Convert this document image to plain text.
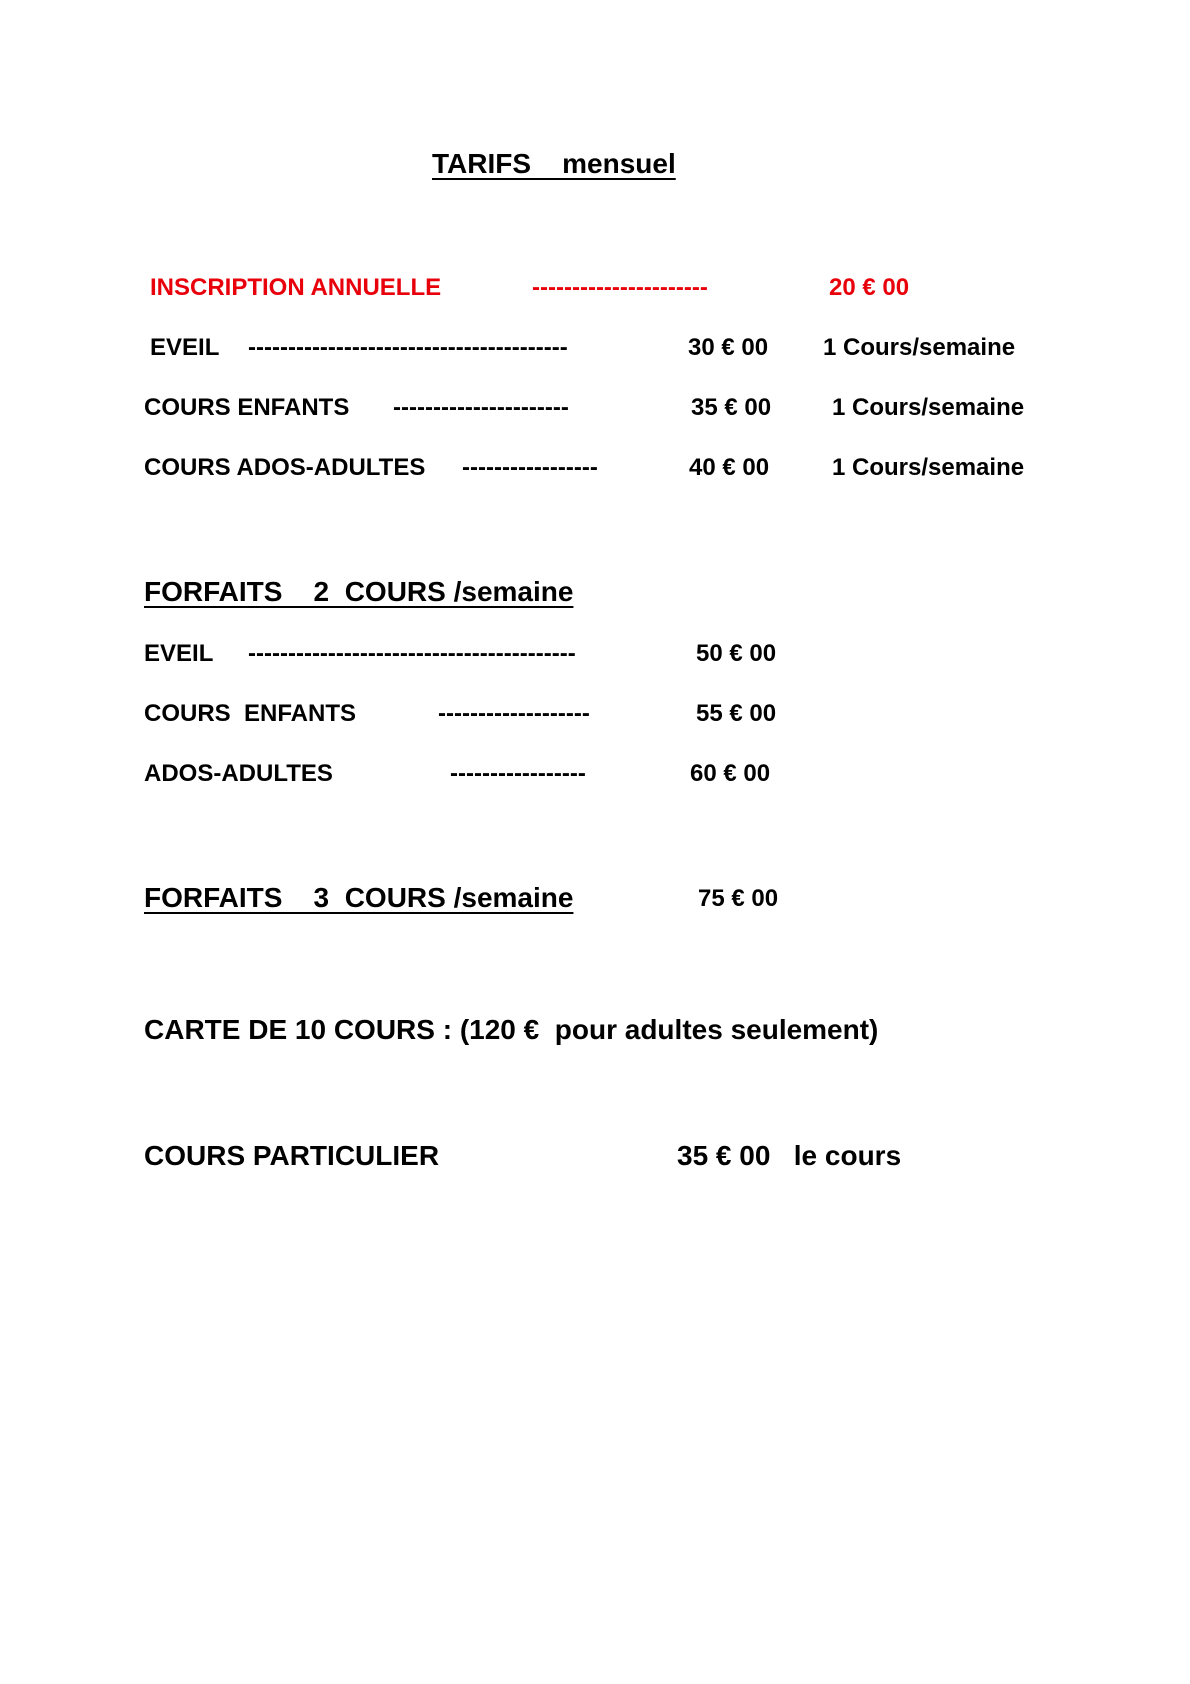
TARIFS    mensuel
INSCRIPTION ANNUELLE	----------------------	20 € 00
EVEIL ----------------------------------------	30 € 00 1 Cours/semaine
COURS ENFANTS ----------------------	35 € 00	1 Cours/semaine
COURS ADOS-ADULTES -----------------	40 € 00	1 Cours/semaine
FORFAITS    2  COURS /semaine
EVEIL -----------------------------------------	50 € 00
COURS  ENFANTS	-------------------	55 € 00
ADOS-ADULTES	-----------------	60 € 00
FORFAITS    3  COURS /semaine	75 € 00
CARTE DE 10 COURS : (120 €  pour adultes seulement)
COURS PARTICULIER	35 € 00   le cours
